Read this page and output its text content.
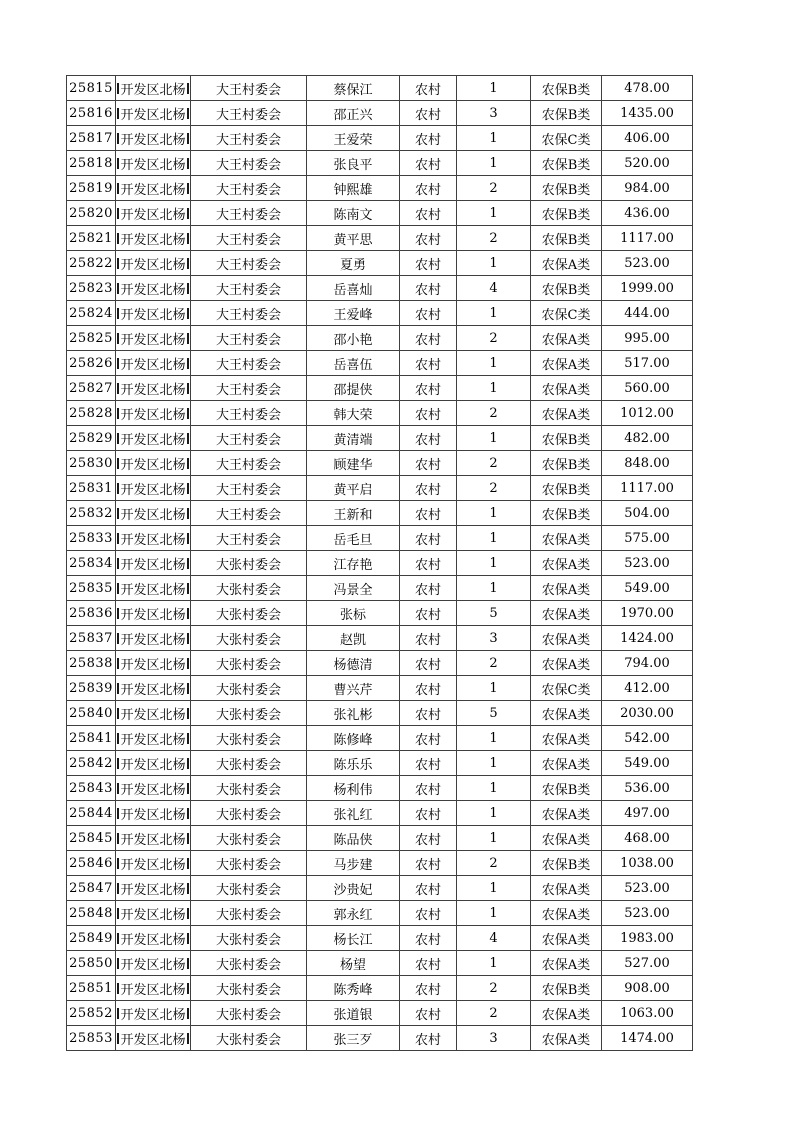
25815	开发区北杨	大王村委会	蔡保江	农村	1	农保B类	478.00
25816	开发区北杨	大王村委会	邵正兴	农村	3	农保B类	1435.00
25817	开发区北杨	大王村委会	王爱荣	农村	1	农保C类	406.00
25818	开发区北杨	大王村委会	张良平	农村	1	农保B类	520.00
25819	开发区北杨	大王村委会	钟熙雄	农村	2	农保B类	984.00
25820	开发区北杨	大王村委会	陈南文	农村	1	农保B类	436.00
25821	开发区北杨	大王村委会	黄平思	农村	2	农保B类	1117.00
25822	开发区北杨	大王村委会	夏勇	农村	1	农保A类	523.00
25823	开发区北杨	大王村委会	岳喜灿	农村	4	农保B类	1999.00
25824	开发区北杨	大王村委会	王爱峰	农村	1	农保C类	444.00
25825	开发区北杨	大王村委会	邵小艳	农村	2	农保A类	995.00
25826	开发区北杨	大王村委会	岳喜伍	农村	1	农保A类	517.00
25827	开发区北杨	大王村委会	邵提侠	农村	1	农保A类	560.00
25828	开发区北杨	大王村委会	韩大荣	农村	2	农保A类	1012.00
25829	开发区北杨	大王村委会	黄清端	农村	1	农保B类	482.00
25830	开发区北杨	大王村委会	顾建华	农村	2	农保B类	848.00
25831	开发区北杨	大王村委会	黄平启	农村	2	农保B类	1117.00
25832	开发区北杨	大王村委会	王新和	农村	1	农保B类	504.00
25833	开发区北杨	大王村委会	岳毛旦	农村	1	农保A类	575.00
25834	开发区北杨	大张村委会	江存艳	农村	1	农保A类	523.00
25835	开发区北杨	大张村委会	冯景全	农村	1	农保A类	549.00
25836	开发区北杨	大张村委会	张标	农村	5	农保A类	1970.00
25837	开发区北杨	大张村委会	赵凯	农村	3	农保A类	1424.00
25838	开发区北杨	大张村委会	杨德清	农村	2	农保A类	794.00
25839	开发区北杨	大张村委会	曹兴芹	农村	1	农保C类	412.00
25840	开发区北杨	大张村委会	张礼彬	农村	5	农保A类	2030.00
25841	开发区北杨	大张村委会	陈修峰	农村	1	农保A类	542.00
25842	开发区北杨	大张村委会	陈乐乐	农村	1	农保A类	549.00
25843	开发区北杨	大张村委会	杨利伟	农村	1	农保B类	536.00
25844	开发区北杨	大张村委会	张礼红	农村	1	农保A类	497.00
25845	开发区北杨	大张村委会	陈品侠	农村	1	农保A类	468.00
25846	开发区北杨	大张村委会	马步建	农村	2	农保B类	1038.00
25847	开发区北杨	大张村委会	沙贵妃	农村	1	农保A类	523.00
25848	开发区北杨	大张村委会	郭永红	农村	1	农保A类	523.00
25849	开发区北杨	大张村委会	杨长江	农村	4	农保A类	1983.00
25850	开发区北杨	大张村委会	杨望	农村	1	农保A类	527.00
25851	开发区北杨	大张村委会	陈秀峰	农村	2	农保B类	908.00
25852	开发区北杨	大张村委会	张道银	农村	2	农保A类	1063.00
25853	开发区北杨	大张村委会	张三歹	农村	3	农保A类	1474.00
